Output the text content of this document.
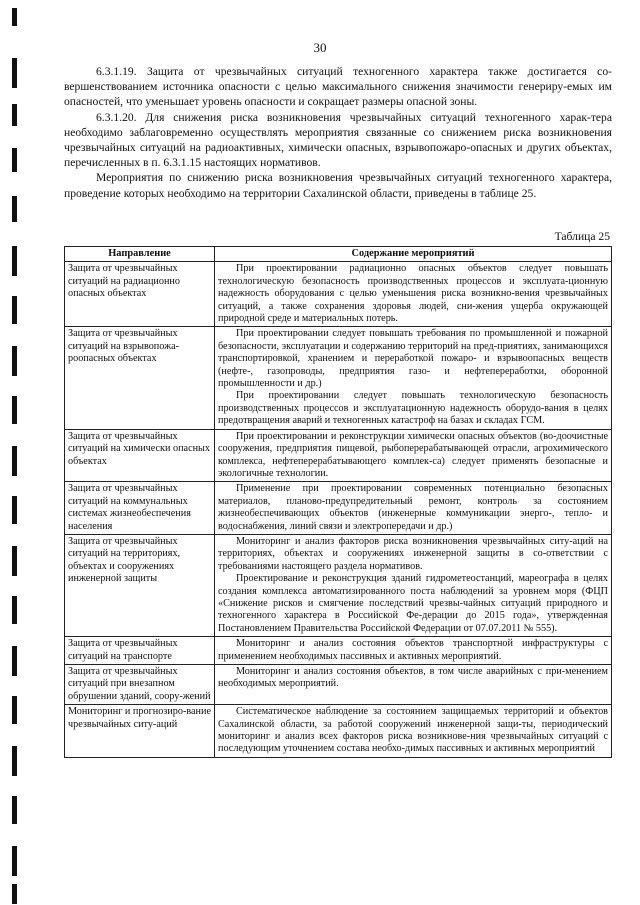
30

6.3.1.19. Защита от чрезвычайных ситуаций техногенного характера также достигается со-вершенствованием источника опасности с целью максимального снижения значимости генериру-емых им опасностей, что уменьшает уровень опасности и сокращает размеры опасной зоны.

6.3.1.20. Для снижения риска возникновения чрезвычайных ситуаций техногенного харак-тера необходимо заблаговременно осуществлять мероприятия связанные со снижением риска возникновения чрезвычайных ситуаций на радиоактивных, химически опасных, взрывопожаро-опасных и других объектах, перечисленных в п. 6.3.1.15 настоящих нормативов.

Мероприятия по снижению риска возникновения чрезвычайных ситуаций техногенного характера, проведение которых необходимо на территории Сахалинской области, приведены в таблице 25.

Таблица 25
Направление	Содержание мероприятий
Защита от чрезвычайных ситуаций на радиационно опасных объектах	При проектировании радиационно опасных объектов следует повышать технологическую безопасность производственных процессов и эксплуата-ционную надежность оборудования с целью уменьшения риска возникно-вения чрезвычайных ситуаций, а также сохранения здоровья людей, сни-жения ущерба окружающей природной среде и материальных потерь.

Защита от чрезвычайных ситуаций на взрывопожа-роопасных объектах	При проектировании следует повышать требования по промышленной и пожарной безопасности, эксплуатации и содержанию территорий на пред-приятиях, занимающихся транспортировкой, хранением и переработкой пожаро- и взрывоопасных веществ (нефте-, газопроводы, предприятия газо- и нефтепереработки, оборонной промышленности и др.)

При проектировании следует повышать технологическую безопасность производственных процессов и эксплуатационную надежность оборудо-вания в целях предотвращения аварий и техногенных катастроф на базах и складах ГСМ.

Защита от чрезвычайных ситуаций на химически опасных объектах	При проектировании и реконструкции химически опасных объектов (во-доочистные сооружения, предприятия пищевой, рыбоперерабатывающей отрасли, агрохимического комплекса, нефтеперерабатывающего комплек-са) следует применять безопасные и экологичные технологии.

Защита от чрезвычайных ситуаций на коммунальных системах жизнеобеспечения населения	Применение при проектировании современных потенциально безопасных материалов, планово-предупредительный ремонт, контроль за состоянием жизнеобеспечивающих объектов (инженерные коммуникации энерго-, тепло- и водоснабжения, линий связи и электропередачи и др.)

Защита от чрезвычайных ситуаций на территориях, объектах и сооружениях инженерной защиты	Мониторинг и анализ факторов риска возникновения чрезвычайных ситу-аций на территориях, объектах и сооружениях инженерной защиты в со-ответствии с требованиями настоящего раздела нормативов.

Проектирование и реконструкция зданий гидрометеостанций, мареографа в целях создания комплекса автоматизированного поста наблюдений за уровнем моря (ФЦП «Снижение рисков и смягчение последствий чрезвы-чайных ситуаций природного и техногенного характера в Российской Фе-дерации до 2015 года», утвержденная Постановлением Правительства Российской Федерации от 07.07.2011 № 555).

Защита от чрезвычайных ситуаций на транспорте	Мониторинг и анализ состояния объектов транспортной инфраструктуры с применением необходимых пассивных и активных мероприятий.

Защита от чрезвычайных ситуаций при внезапном обрушении зданий, соору-жений	Мониторинг и анализ состояния объектов, в том числе аварийных с при-менением необходимых мероприятий.

Мониторинг и прогнозиро-вание чрезвычайных ситу-аций	Систематическое наблюдение за состоянием защищаемых территорий и объектов Сахалинской области, за работой сооружений инженерной защи-ты, периодический мониторинг и анализ всех факторов риска возникнове-ния чрезвычайных ситуаций с последующим уточнением состава необхо-димых пассивных и активных мероприятий
